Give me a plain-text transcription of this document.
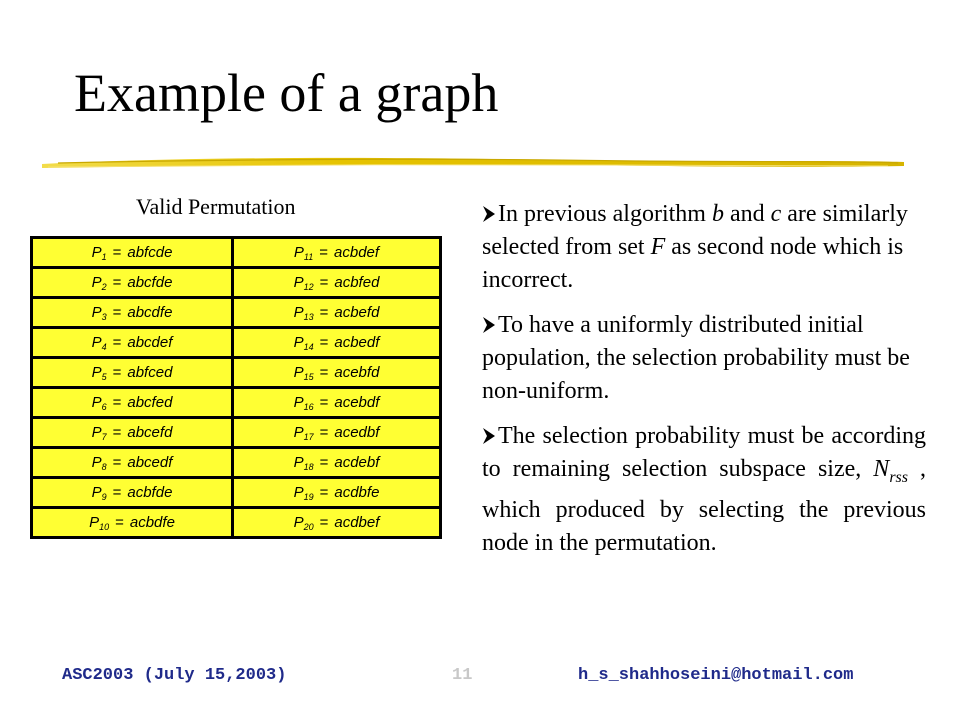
Example of a graph
Valid Permutation
$P_1$ = abfcde	$P_{11}$ = acbdef
$P_2$ = abcfde	$P_{12}$ = acbfed
$P_3$ = abcdfe	$P_{13}$ = acbefd
$P_4$ = abcdef	$P_{14}$ = acbedf
$P_5$ = abfced	$P_{15}$ = acebfd
$P_6$ = abcfed	$P_{16}$ = acebdf
$P_7$ = abcefd	$P_{17}$ = acedbf
$P_8$ = abcedf	$P_{18}$ = acdebf
$P_9$ = acbfde	$P_{19}$ = acdbfe
$P_{10}$ = acbdfe	$P_{20}$ = acdbef

In previous algorithm b and c are similarly selected from set F as second node which is incorrect.

To have a uniformly distributed initial population, the selection probability must be non-uniform.

The selection probability must be according to remaining selection subspace size, $N_{rss}$ , which produced by selecting the previous node in the permutation.

ASC2003 (July 15,2003)	11	h_s_shahhoseini@hotmail.com
